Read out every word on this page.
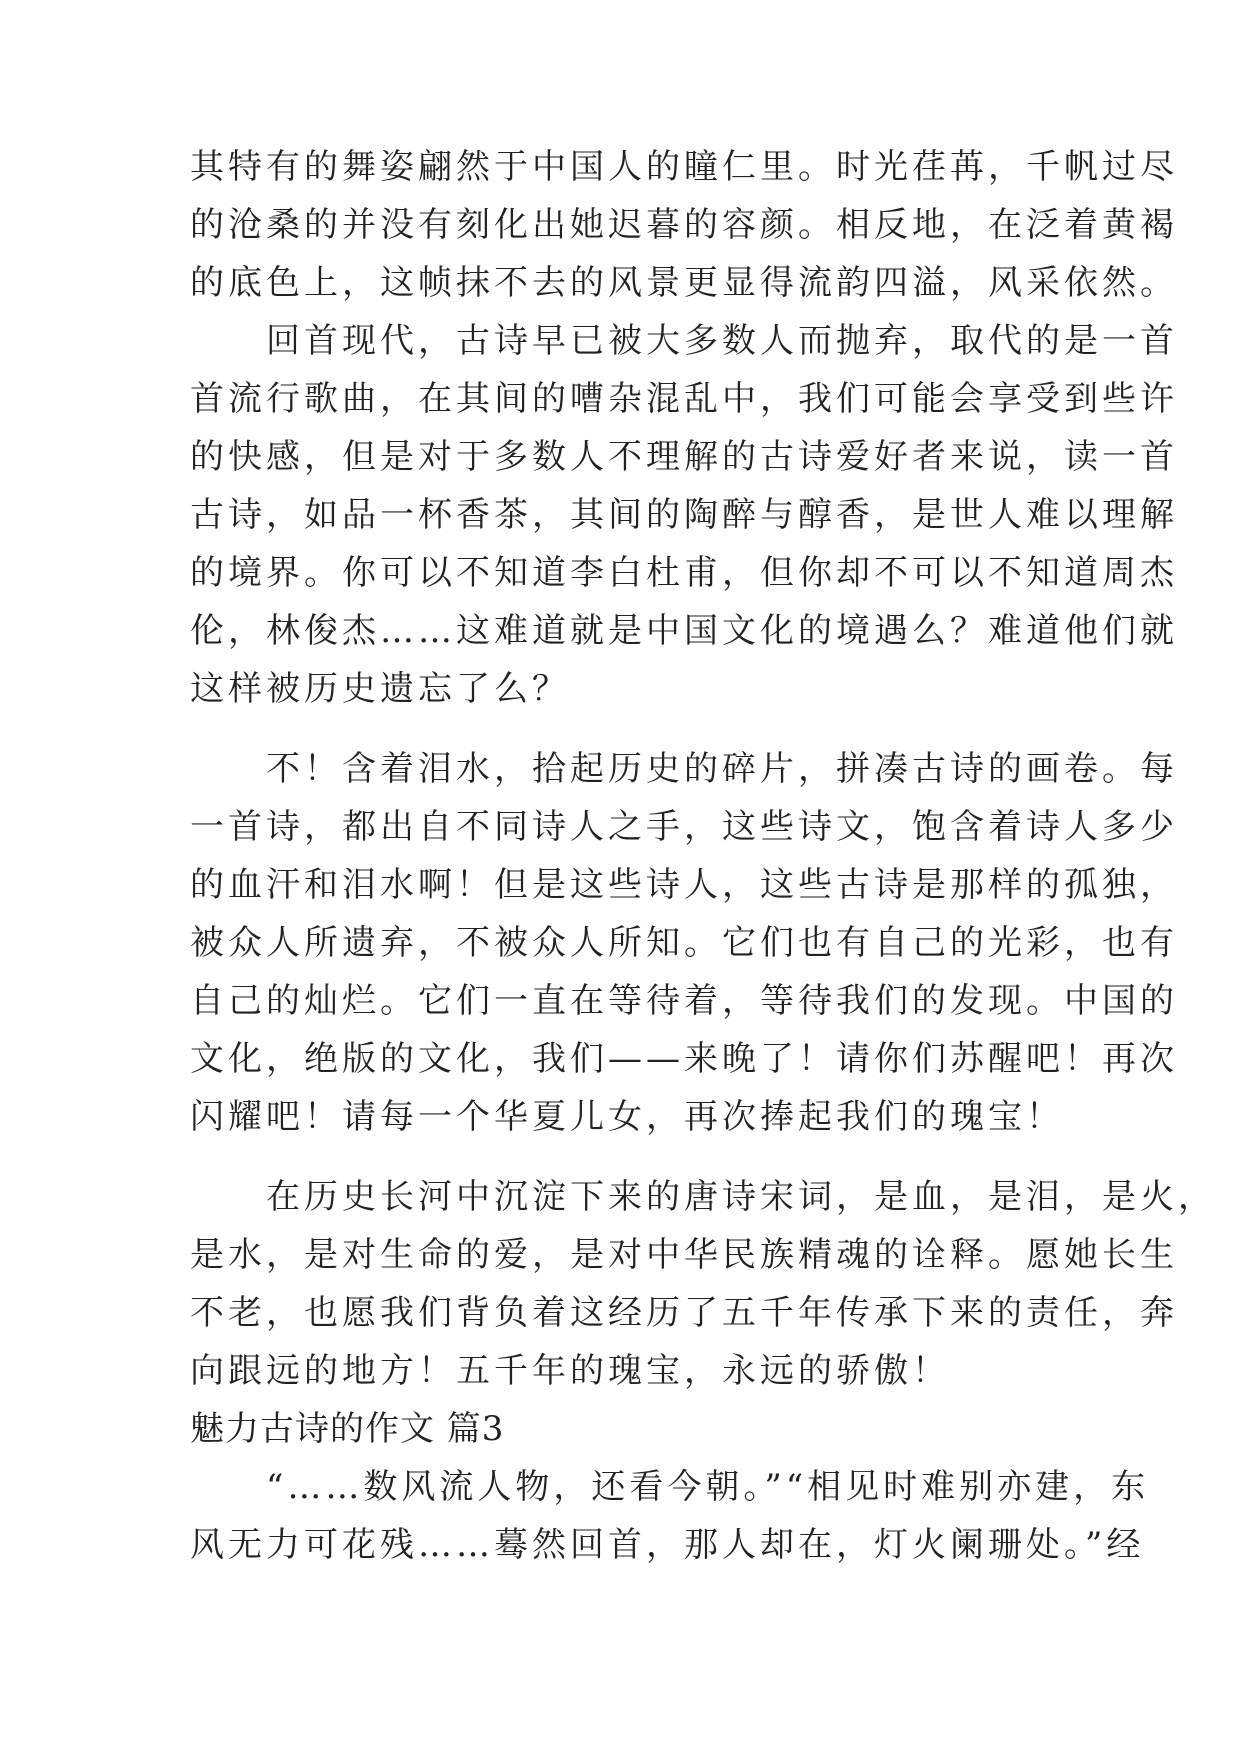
其特有的舞姿翩然于中国人的瞳仁里。时光荏苒，千帆过尽
的沧桑的并没有刻化出她迟暮的容颜。相反地，在泛着黄褐
的底色上，这帧抹不去的风景更显得流韵四溢，风采依然。
　　回首现代，古诗早已被大多数人而抛弃，取代的是一首
首流行歌曲，在其间的嘈杂混乱中，我们可能会享受到些许
的快感，但是对于多数人不理解的古诗爱好者来说，读一首
古诗，如品一杯香茶，其间的陶醉与醇香，是世人难以理解
的境界。你可以不知道李白杜甫，但你却不可以不知道周杰
伦，林俊杰……这难道就是中国文化的境遇么？难道他们就
这样被历史遗忘了么？
　　不！含着泪水，拾起历史的碎片，拼凑古诗的画卷。每
一首诗，都出自不同诗人之手，这些诗文，饱含着诗人多少
的血汗和泪水啊！但是这些诗人，这些古诗是那样的孤独，
被众人所遗弃，不被众人所知。它们也有自己的光彩，也有
自己的灿烂。它们一直在等待着，等待我们的发现。中国的
文化，绝版的文化，我们——来晚了！请你们苏醒吧！再次
闪耀吧！请每一个华夏儿女，再次捧起我们的瑰宝！
　　在历史长河中沉淀下来的唐诗宋词，是血，是泪，是火，
是水，是对生命的爱，是对中华民族精魂的诠释。愿她长生
不老，也愿我们背负着这经历了五千年传承下来的责任，奔
向跟远的地方！五千年的瑰宝，永远的骄傲！
魅力古诗的作文 篇3
　　“……数风流人物，还看今朝。”“相见时难别亦建，东
风无力可花残……蓦然回首，那人却在，灯火阑珊处。”经
